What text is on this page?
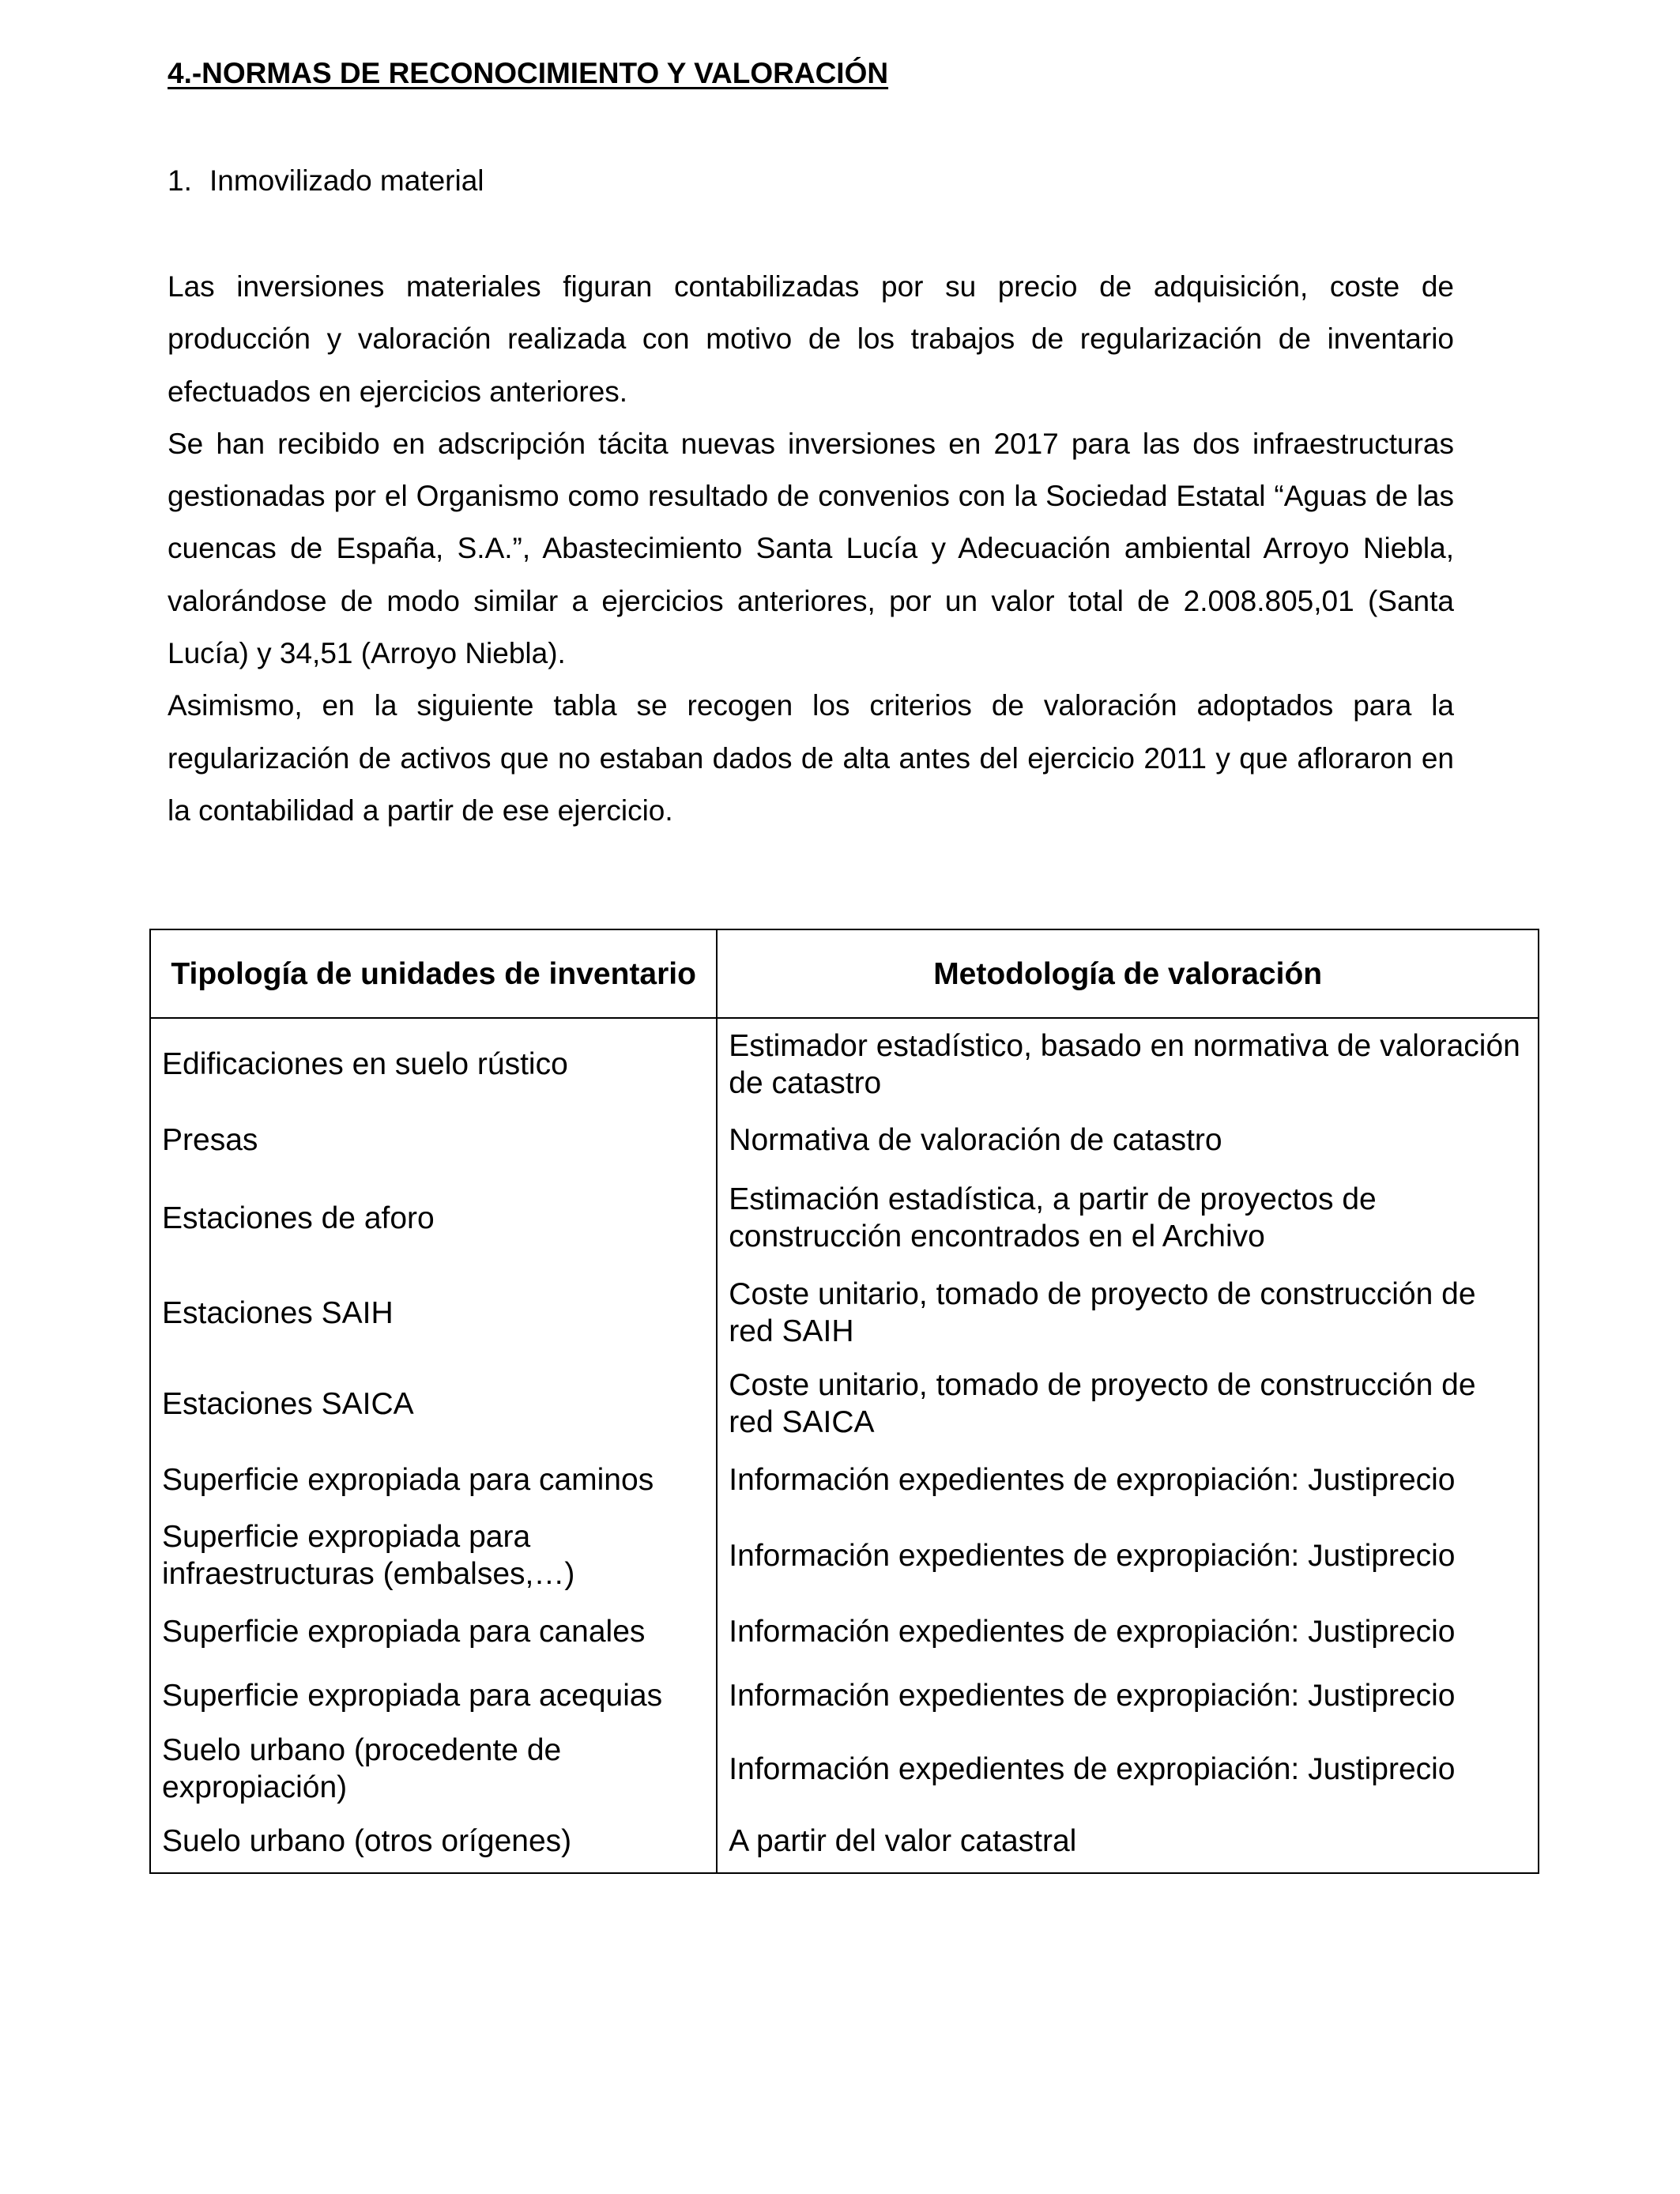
4.-NORMAS DE RECONOCIMIENTO Y VALORACIÓN
1. Inmovilizado material

Las inversiones materiales figuran contabilizadas por su precio de adquisición, coste de producción y valoración realizada con motivo de los trabajos de regularización de inventario efectuados en ejercicios anteriores.

Se han recibido en adscripción tácita nuevas inversiones en 2017 para las dos infraestructuras gestionadas por el Organismo como resultado de convenios con la Sociedad Estatal “Aguas de las cuencas de España, S.A.”, Abastecimiento Santa Lucía y Adecuación ambiental Arroyo Niebla, valorándose de modo similar a ejercicios anteriores, por un valor total de 2.008.805,01 (Santa Lucía) y 34,51 (Arroyo Niebla).

Asimismo, en la siguiente tabla se recogen los criterios de valoración adoptados para la regularización de activos que no estaban dados de alta antes del ejercicio 2011 y que afloraron en la contabilidad a partir de ese ejercicio.

Tipología de unidades de inventario	Metodología de valoración
Edificaciones en suelo rústico	Estimador estadístico, basado en normativa de valoración de catastro
Presas	Normativa de valoración de catastro
Estaciones de aforo	Estimación estadística, a partir de proyectos de construcción encontrados en el Archivo
Estaciones SAIH	Coste unitario, tomado de proyecto de construcción de red SAIH
Estaciones SAICA	Coste unitario, tomado de proyecto de construcción de red SAICA
Superficie expropiada para caminos	Información expedientes de expropiación: Justiprecio
Superficie expropiada para infraestructuras (embalses,…)	Información expedientes de expropiación: Justiprecio
Superficie expropiada para canales	Información expedientes de expropiación: Justiprecio
Superficie expropiada para acequias	Información expedientes de expropiación: Justiprecio
Suelo urbano (procedente de expropiación)	Información expedientes de expropiación: Justiprecio
Suelo urbano (otros orígenes)	A partir del valor catastral
